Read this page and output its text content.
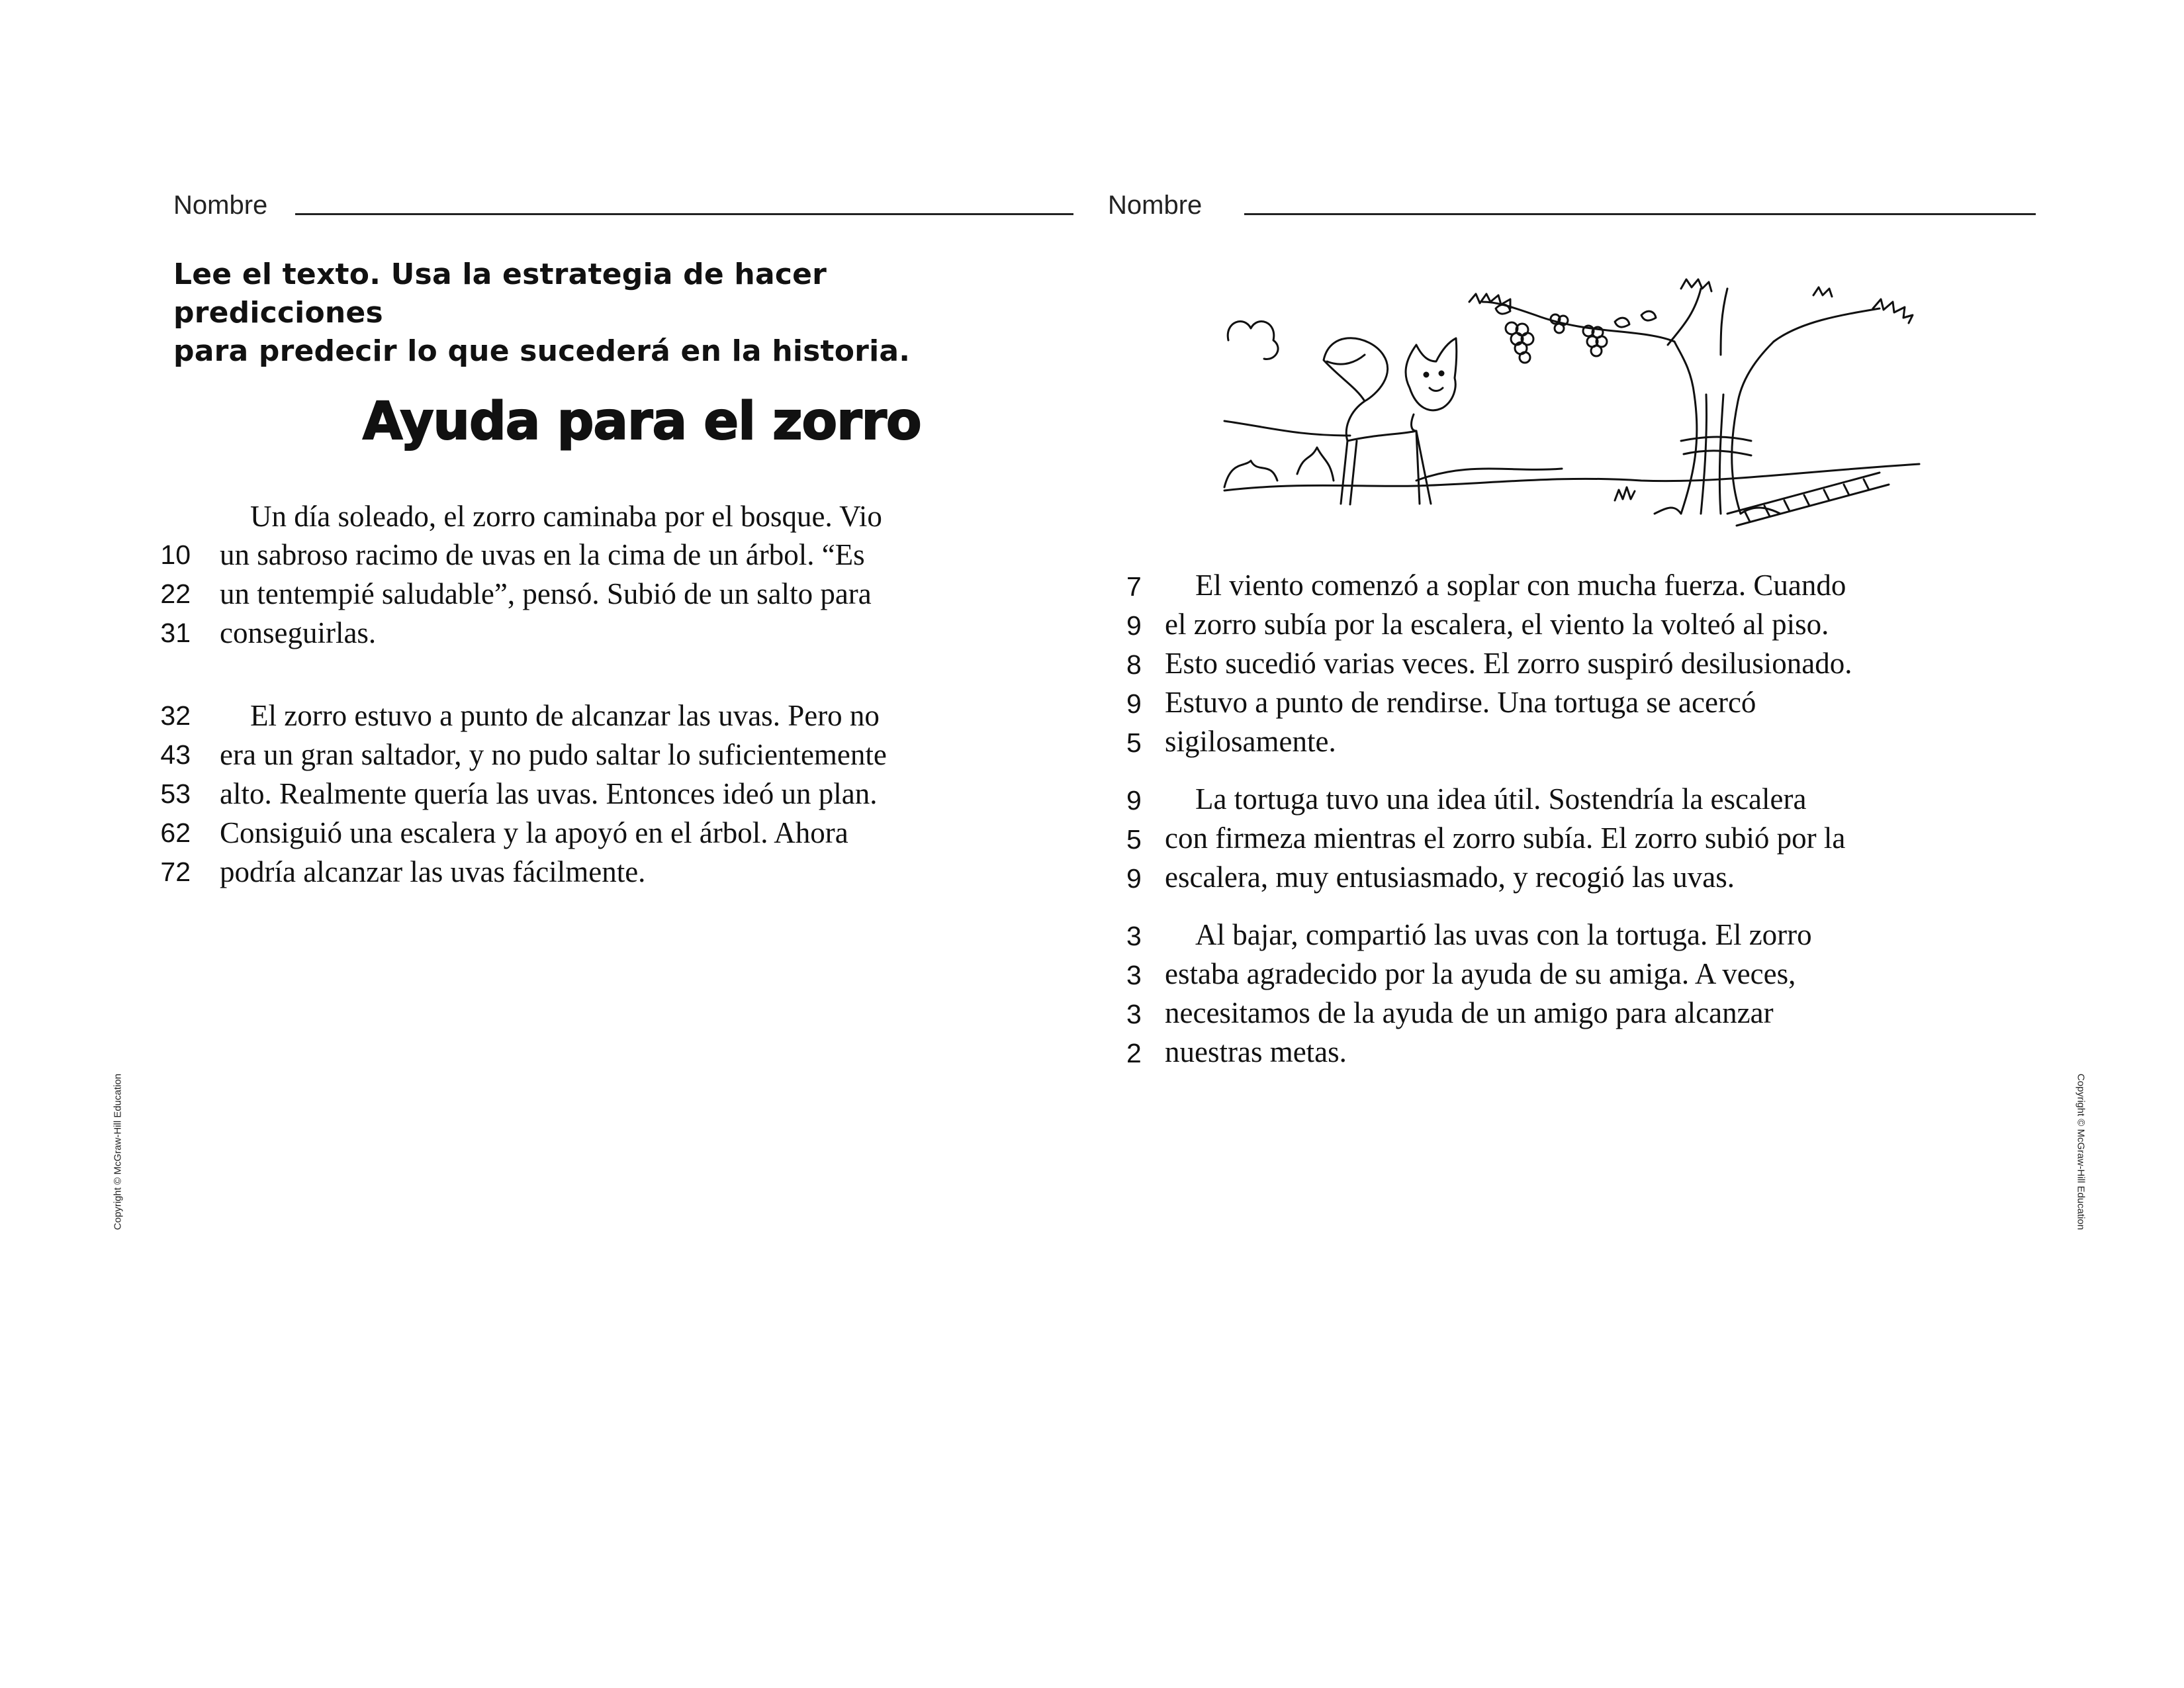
Nombre
Lee el texto. Usa la estrategia de hacer predicciones
para predecir lo que sucederá en la historia.
Ayuda para el zorro
Un día soleado, el zorro caminaba por el bosque. Vio
10 un sabroso racimo de uvas en la cima de un árbol. “Es
22 un tentempié saludable”, pensó. Subió de un salto para
31 conseguirlas.
32 El zorro estuvo a punto de alcanzar las uvas. Pero no
43 era un gran saltador, y no pudo saltar lo suficientemente
53 alto. Realmente quería las uvas. Entonces ideó un plan.
62 Consiguió una escalera y la apoyó en el árbol. Ahora
72 podría alcanzar las uvas fácilmente.
Copyright © McGraw-Hill Education
Nombre
7 El viento comenzó a soplar con mucha fuerza. Cuando
9 el zorro subía por la escalera, el viento la volteó al piso.
8 Esto sucedió varias veces. El zorro suspiró desilusionado.
9 Estuvo a punto de rendirse. Una tortuga se acercó
5 sigilosamente.
9 La tortuga tuvo una idea útil. Sostendría la escalera
5 con firmeza mientras el zorro subía. El zorro subió por la
9 escalera, muy entusiasmado, y recogió las uvas.
3 Al bajar, compartió las uvas con la tortuga. El zorro
3 estaba agradecido por la ayuda de su amiga. A veces,
3 necesitamos de la ayuda de un amigo para alcanzar
2 nuestras metas.
Copyright © McGraw-Hill Education
